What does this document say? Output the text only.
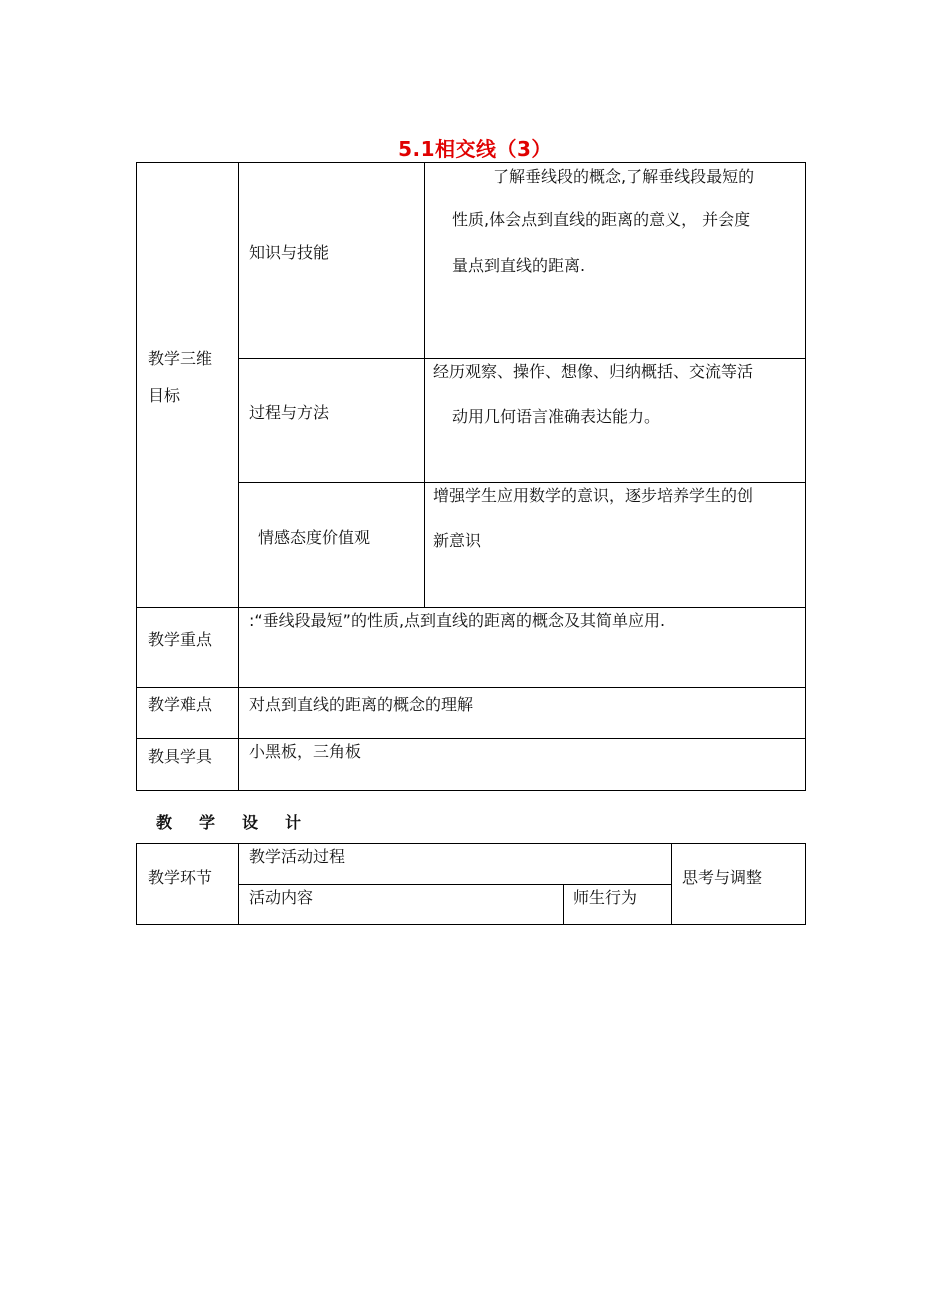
5.1相交线（3）
教学三维
目标
知识与技能
了解垂线段的概念,了解垂线段最短的
性质,体会点到直线的距离的意义， 并会度
量点到直线的距离.
过程与方法
经历观察、操作、想像、归纳概括、交流等活
动用几何语言准确表达能力。
情感态度价值观
增强学生应用数学的意识，逐步培养学生的创
新意识
教学重点
:“垂线段最短”的性质,点到直线的距离的概念及其简单应用.
教学难点 对点到直线的距离的概念的理解
教具学具 小黑板，三角板
教学设计
教学环节
教学活动过程
活动内容	师生行为
思考与调整
